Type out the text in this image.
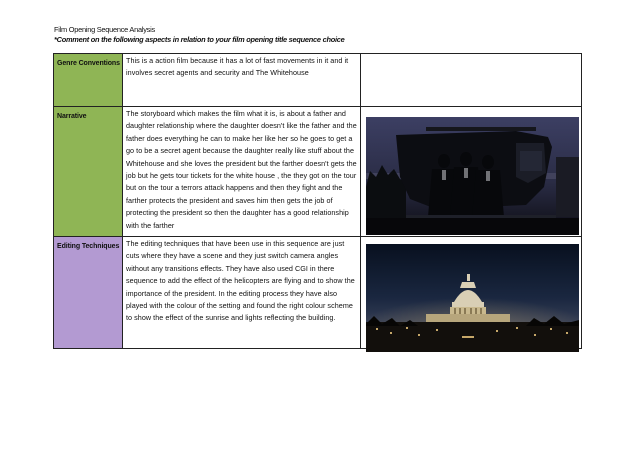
Film Opening Sequence Analysis
*Comment on the following aspects in relation to your film opening title sequence choice
Genre Conventions	This is a action film because it has a lot of fast movements in it and it involves secret agents and security and The Whitehouse	

Narrative	The storyboard which makes the film what it is, is about a father and daughter relationship where the daughter doesn't like the father and the father does everything he can to make her like her so he goes to get a go to be a secret agent because the daughter really like stuff about the Whitehouse and she loves the president but the farther doesn't gets the job but he gets tour tickets for the white house , the they got on the tour but on the tour a terrors attack happens and then they fight and the farther protects the president and saves him then gets the job of protecting the president so then the daughter has a good relationship with the farther

Editing Techniques	The editing techniques that have been use in this sequence are just cuts where they have a scene and they just switch camera angles without any transitions effects. They have also used CGI in there sequence to add the effect of the helicopters are flying and to show the importance of the president. In the editing process they have also played with the colour of the setting and found the right colour scheme to show the effect of the sunrise and lights reflecting the building.
